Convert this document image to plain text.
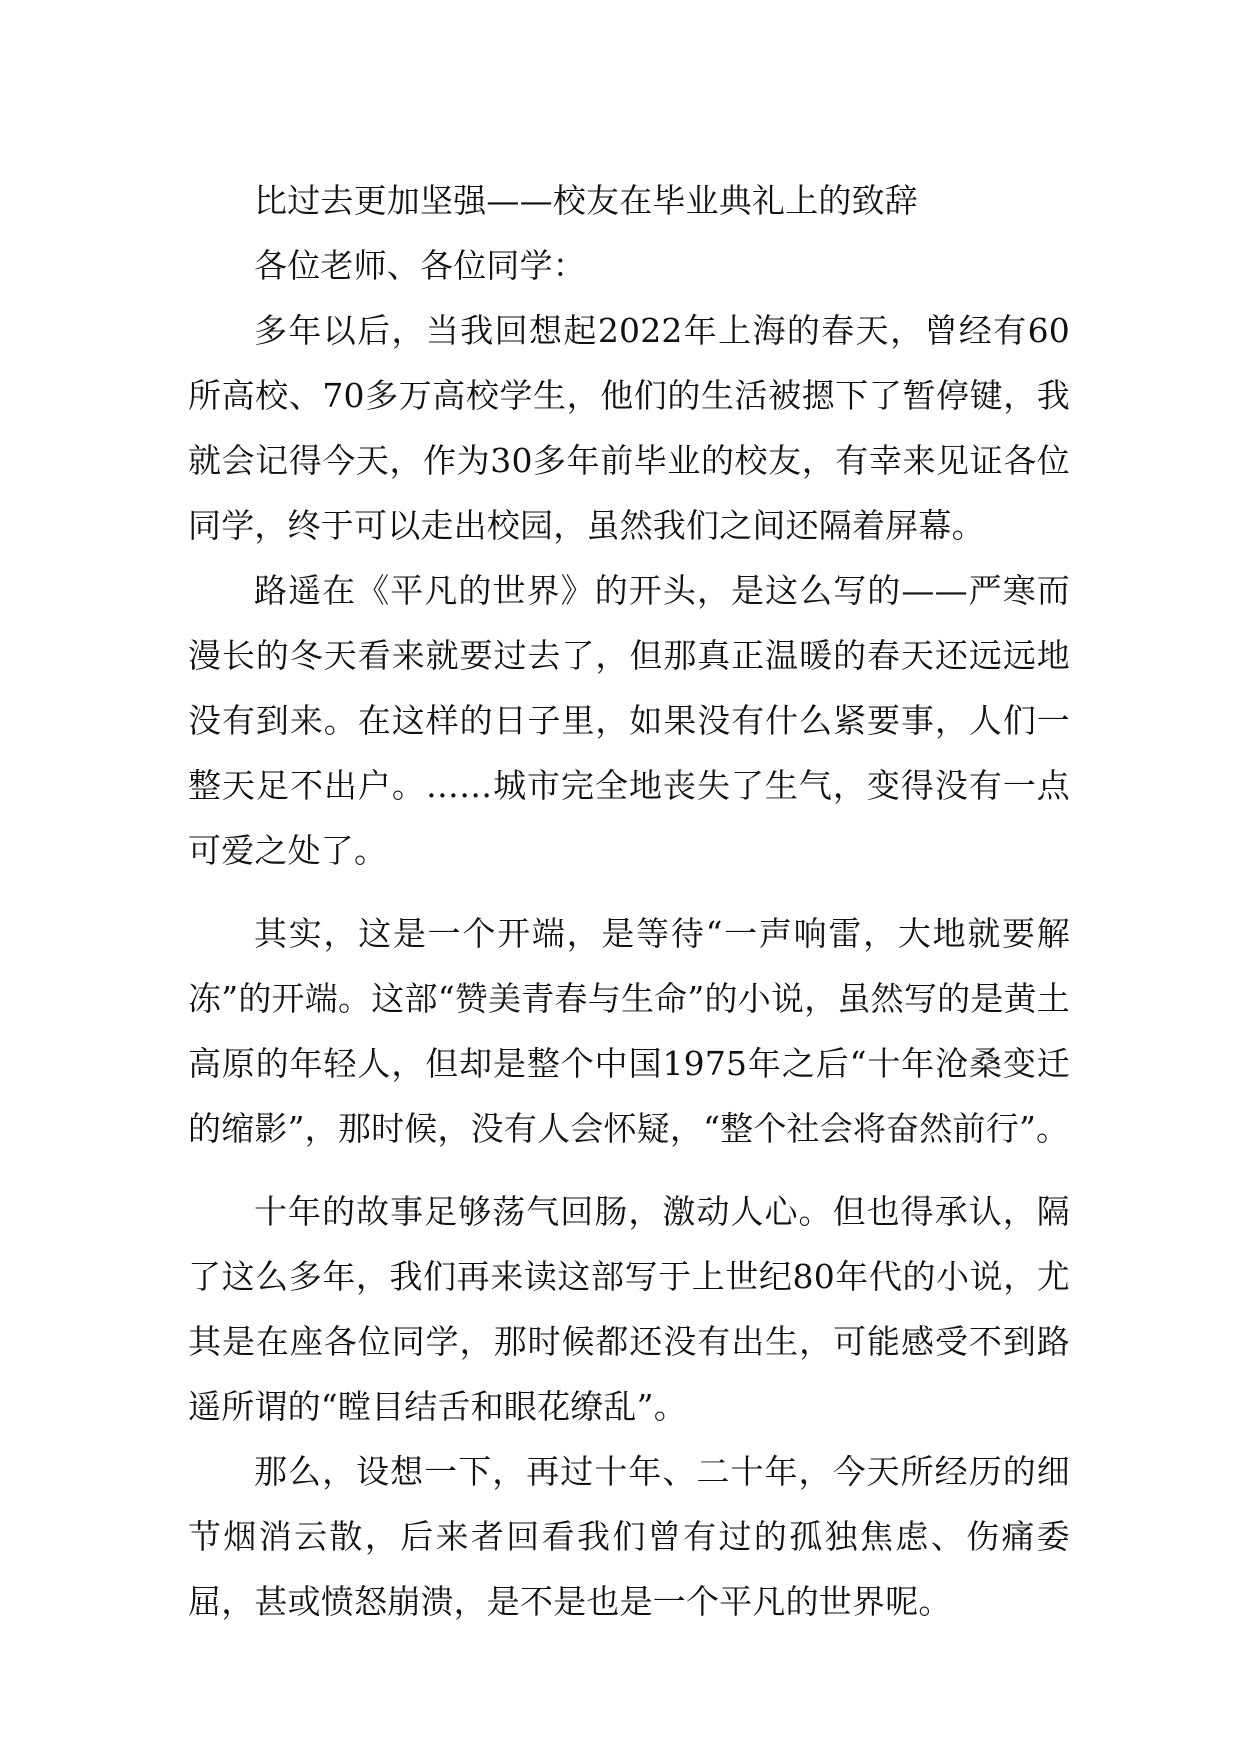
比过去更加坚强——校友在毕业典礼上的致辞

各位老师、各位同学：

多年以后，当我回想起2022年上海的春天，曾经有60所高校、70多万高校学生，他们的生活被摁下了暂停键，我就会记得今天，作为30多年前毕业的校友，有幸来见证各位同学，终于可以走出校园，虽然我们之间还隔着屏幕。

路遥在《平凡的世界》的开头，是这么写的——严寒而漫长的冬天看来就要过去了，但那真正温暖的春天还远远地没有到来。在这样的日子里，如果没有什么紧要事，人们一整天足不出户。……城市完全地丧失了生气，变得没有一点可爱之处了。

其实，这是一个开端，是等待“一声响雷，大地就要解冻”的开端。这部“赞美青春与生命”的小说，虽然写的是黄土高原的年轻人，但却是整个中国1975年之后“十年沧桑变迁的缩影”，那时候，没有人会怀疑，“整个社会将奋然前行”。

十年的故事足够荡气回肠，激动人心。但也得承认，隔了这么多年，我们再来读这部写于上世纪80年代的小说，尤其是在座各位同学，那时候都还没有出生，可能感受不到路遥所谓的“瞠目结舌和眼花缭乱”。

那么，设想一下，再过十年、二十年，今天所经历的细节烟消云散，后来者回看我们曾有过的孤独焦虑、伤痛委屈，甚或愤怒崩溃，是不是也是一个平凡的世界呢。
